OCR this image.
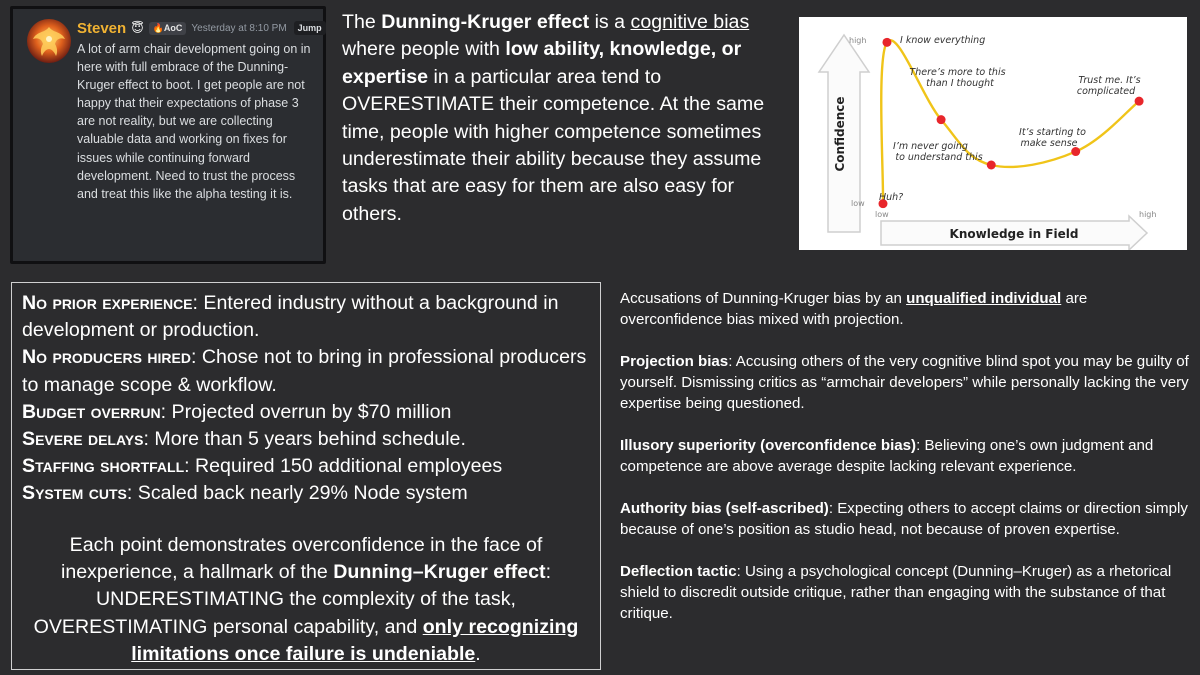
Steven 😇	🔥AoC Yesterday at 8:10 PM	Jump
A lot of arm chair development going on in here with full embrace of the Dunning-Kruger effect to boot. I get people are not happy that their expectations of phase 3 are not reality, but we are collecting valuable data and working on fixes for issues while continuing forward development. Need to trust the process and treat this like the alpha testing it is.
The Dunning-Kruger effect is a cognitive bias where people with low ability, knowledge, or expertise in a particular area tend to OVERESTIMATE their competence. At the same time, people with higher competence sometimes underestimate their ability because they assume tasks that are easy for them are also easy for others.
Confidence
Knowledge in Field
high
low
low	high
Huh?
I know everything
There’s more to this than I thought
I’m never going to understand this
It’s starting to make sense
Trust me. It’s complicated
No prior experience: Entered industry without a background in development or production.
No producers hired: Chose not to bring in professional producers to manage scope & workflow.
Budget overrun: Projected overrun by $70 million
Severe delays: More than 5 years behind schedule.
Staffing shortfall: Required 150 additional employees
System cuts: Scaled back nearly 29% Node system
Each point demonstrates overconfidence in the face of inexperience, a hallmark of the Dunning–Kruger effect: UNDERESTIMATING the complexity of the task, OVERESTIMATING personal capability, and only recognizing limitations once failure is undeniable.

Accusations of Dunning-Kruger bias by an unqualified individual are overconfidence bias mixed with projection.

Projection bias: Accusing others of the very cognitive blind spot you may be guilty of yourself. Dismissing critics as “armchair developers” while personally lacking the very expertise being questioned.

Illusory superiority (overconfidence bias): Believing one’s own judgment and competence are above average despite lacking relevant experience.

Authority bias (self-ascribed): Expecting others to accept claims or direction simply because of one’s position as studio head, not because of proven expertise.

Deflection tactic: Using a psychological concept (Dunning–Kruger) as a rhetorical shield to discredit outside critique, rather than engaging with the substance of that critique.
